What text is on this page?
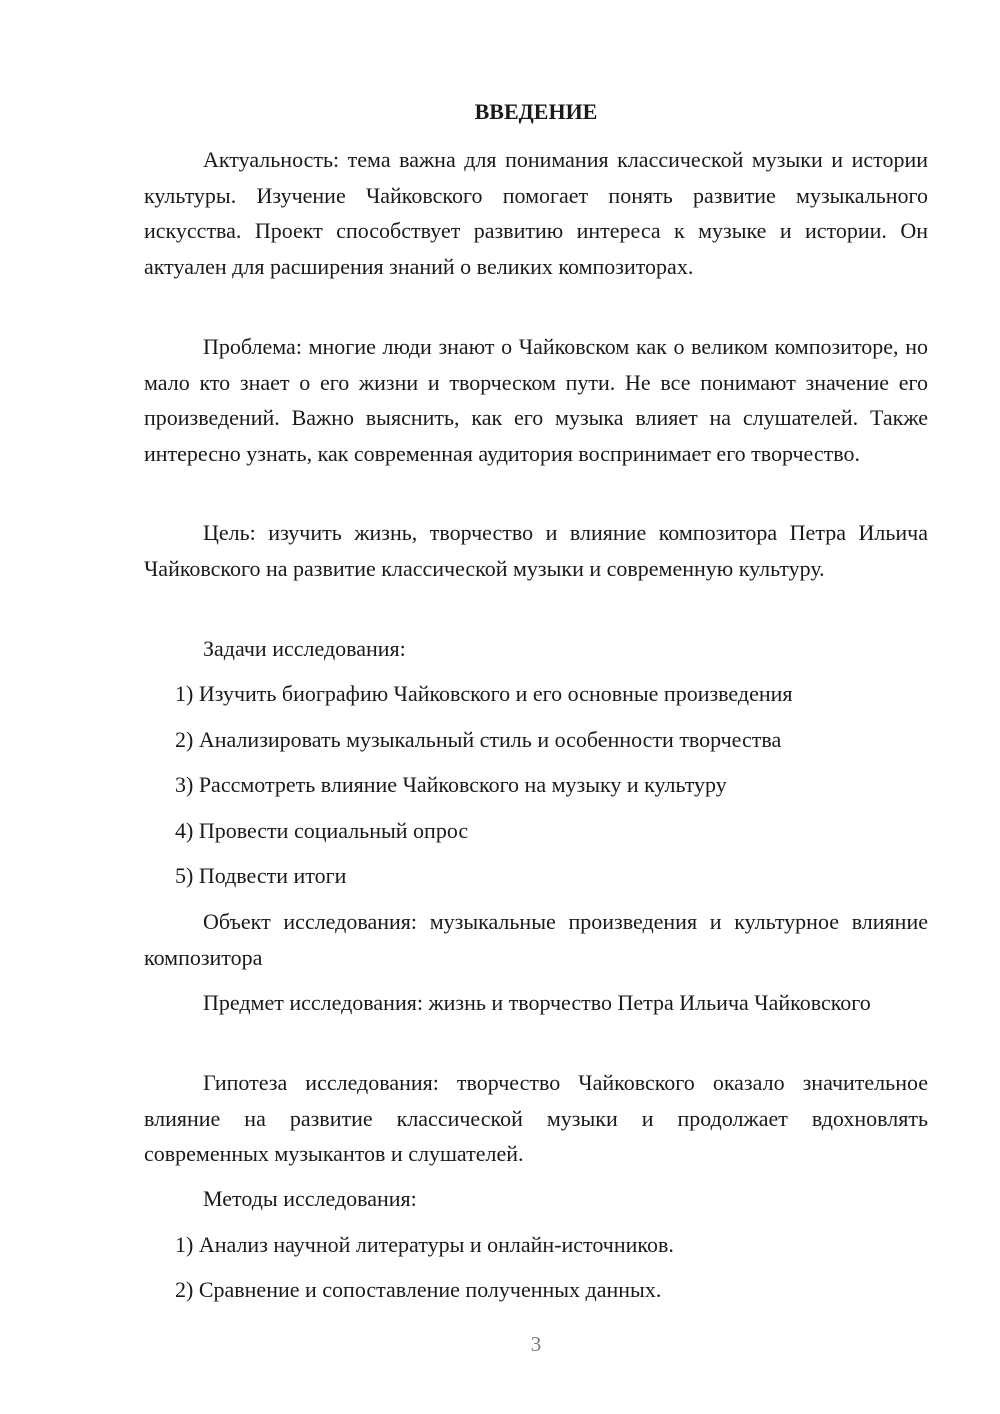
ВВЕДЕНИЕ

Актуальность: тема важна для понимания классической музыки и истории культуры. Изучение Чайковского помогает понять развитие музыкального искусства. Проект способствует развитию интереса к музыке и истории. Он актуален для расширения знаний о великих композиторах.

Проблема: многие люди знают о Чайковском как о великом композиторе, но мало кто знает о его жизни и творческом пути. Не все понимают значение его произведений. Важно выяснить, как его музыка влияет на слушателей. Также интересно узнать, как современная аудитория воспринимает его творчество.

Цель: изучить жизнь, творчество и влияние композитора Петра Ильича Чайковского на развитие классической музыки и современную культуру.

Задачи исследования:

1) Изучить биографию Чайковского и его основные произведения

2) Анализировать музыкальный стиль и особенности творчества

3) Рассмотреть влияние Чайковского на музыку и культуру

4) Провести социальный опрос

5) Подвести итоги

Объект исследования: музыкальные произведения и культурное влияние композитора

Предмет исследования: жизнь и творчество Петра Ильича Чайковского

Гипотеза исследования: творчество Чайковского оказало значительное влияние на развитие классической музыки и продолжает вдохновлять современных музыкантов и слушателей.

Методы исследования:

1) Анализ научной литературы и онлайн-источников.

2) Сравнение и сопоставление полученных данных.

3
